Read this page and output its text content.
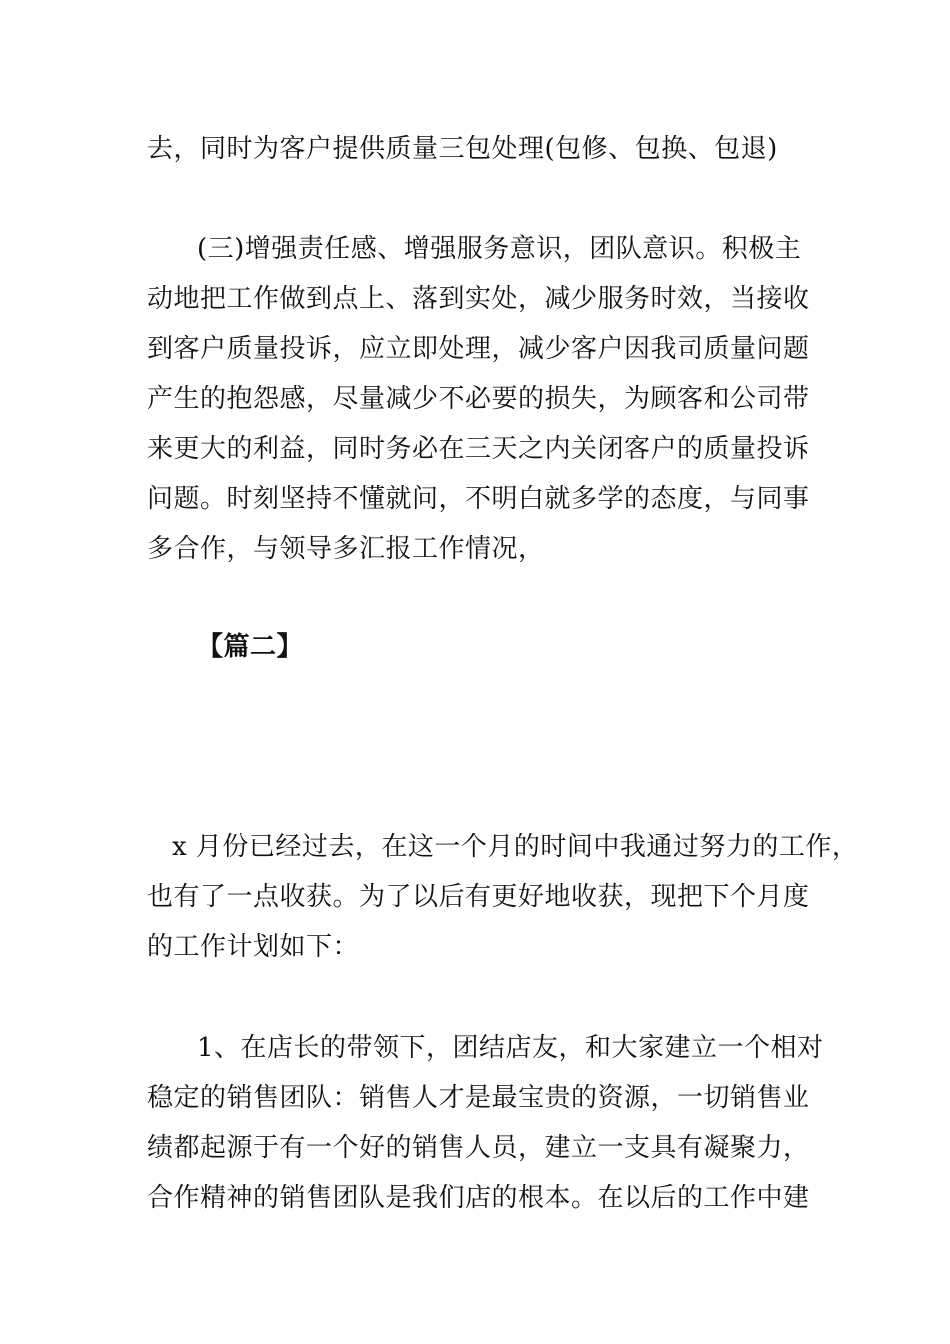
去，同时为客户提供质量三包处理(包修、包换、包退)
(三)增强责任感、增强服务意识，团队意识。积极主
动地把工作做到点上、落到实处，减少服务时效，当接收
到客户质量投诉，应立即处理，减少客户因我司质量问题
产生的抱怨感，尽量减少不必要的损失，为顾客和公司带
来更大的利益，同时务必在三天之内关闭客户的质量投诉
问题。时刻坚持不懂就问，不明白就多学的态度，与同事
多合作，与领导多汇报工作情况，
【篇二】
x 月份已经过去，在这一个月的时间中我通过努力的工作，
也有了一点收获。为了以后有更好地收获，现把下个月度
的工作计划如下：
1、在店长的带领下，团结店友，和大家建立一个相对
稳定的销售团队：销售人才是最宝贵的资源，一切销售业
绩都起源于有一个好的销售人员，建立一支具有凝聚力，
合作精神的销售团队是我们店的根本。在以后的工作中建
